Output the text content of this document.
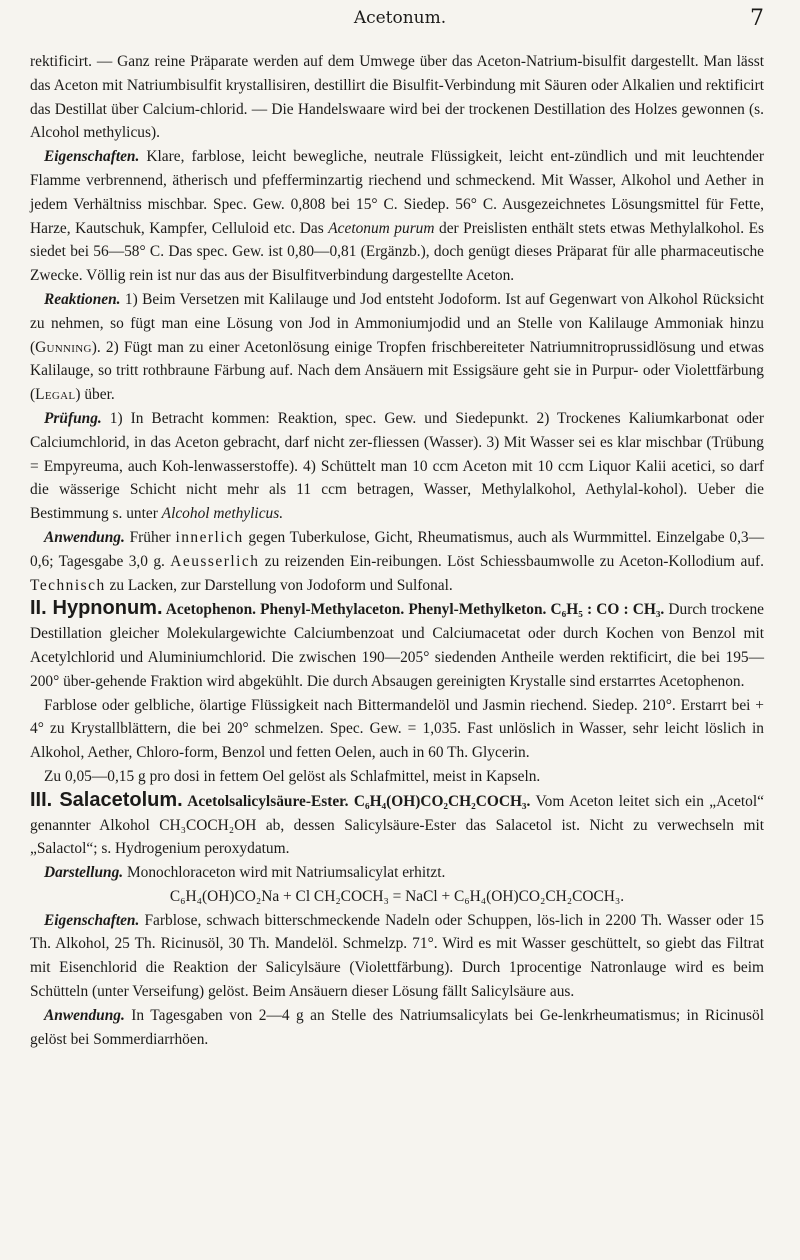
Acetonum.	7

rektificirt. — Ganz reine Präparate werden auf dem Umwege über das Aceton-Natrium-bisulfit dargestellt. Man lässt das Aceton mit Natriumbisulfit krystallisiren, destillirt die Bisulfit-Verbindung mit Säuren oder Alkalien und rektificirt das Destillat über Calcium-chlorid. — Die Handelswaare wird bei der trockenen Destillation des Holzes gewonnen (s. Alcohol methylicus).

Eigenschaften. Klare, farblose, leicht bewegliche, neutrale Flüssigkeit, leicht ent-zündlich und mit leuchtender Flamme verbrennend, ätherisch und pfefferminzartig riechend und schmeckend. Mit Wasser, Alkohol und Aether in jedem Verhältniss mischbar. Spec. Gew. 0,808 bei 15° C. Siedep. 56° C. Ausgezeichnetes Lösungsmittel für Fette, Harze, Kautschuk, Kampfer, Celluloid etc. Das Acetonum purum der Preislisten enthält stets etwas Methylalkohol. Es siedet bei 56—58° C. Das spec. Gew. ist 0,80—0,81 (Ergänzb.), doch genügt dieses Präparat für alle pharmaceutische Zwecke. Völlig rein ist nur das aus der Bisulfitverbindung dargestellte Aceton.

Reaktionen. 1) Beim Versetzen mit Kalilauge und Jod entsteht Jodoform. Ist auf Gegenwart von Alkohol Rücksicht zu nehmen, so fügt man eine Lösung von Jod in Ammoniumjodid und an Stelle von Kalilauge Ammoniak hinzu (Gunning). 2) Fügt man zu einer Acetonlösung einige Tropfen frischbereiteter Natriumnitroprussidlösung und etwas Kalilauge, so tritt rothbraune Färbung auf. Nach dem Ansäuern mit Essigsäure geht sie in Purpur- oder Violettfärbung (Legal) über.

Prüfung. 1) In Betracht kommen: Reaktion, spec. Gew. und Siedepunkt. 2) Trockenes Kaliumkarbonat oder Calciumchlorid, in das Aceton gebracht, darf nicht zer-fliessen (Wasser). 3) Mit Wasser sei es klar mischbar (Trübung = Empyreuma, auch Koh-lenwasserstoffe). 4) Schüttelt man 10 ccm Aceton mit 10 ccm Liquor Kalii acetici, so darf die wässerige Schicht nicht mehr als 11 ccm betragen, Wasser, Methylalkohol, Aethylal-kohol). Ueber die Bestimmung s. unter Alcohol methylicus.

Anwendung. Früher innerlich gegen Tuberkulose, Gicht, Rheumatismus, auch als Wurmmittel. Einzelgabe 0,3—0,6; Tagesgabe 3,0 g. Aeusserlich zu reizenden Ein-reibungen. Löst Schiessbaumwolle zu Aceton-Kollodium auf. Technisch zu Lacken, zur Darstellung von Jodoform und Sulfonal.

II. Hypnonum. Acetophenon. Phenyl-Methylaceton. Phenyl-Methylketon. C₆H₅ : CO : CH₃. Durch trockene Destillation gleicher Molekulargewichte Calciumbenzoat und Calciumacetat oder durch Kochen von Benzol mit Acetylchlorid und Aluminiumchlorid. Die zwischen 190—205° siedenden Antheile werden rektificirt, die bei 195—200° über-gehende Fraktion wird abgekühlt. Die durch Absaugen gereinigten Krystalle sind erstarrtes Acetophenon.

Farblose oder gelbliche, ölartige Flüssigkeit nach Bittermandelöl und Jasmin riechend. Siedep. 210°. Erstarrt bei + 4° zu Krystallblättern, die bei 20° schmelzen. Spec. Gew. = 1,035. Fast unlöslich in Wasser, sehr leicht löslich in Alkohol, Aether, Chloro-form, Benzol und fetten Oelen, auch in 60 Th. Glycerin.

Zu 0,05—0,15 g pro dosi in fettem Oel gelöst als Schlafmittel, meist in Kapseln.

III. Salacetolum. Acetolsalicylsäure-Ester. C₆H₄(OH)CO₂CH₂COCH₃. Vom Aceton leitet sich ein „Acetol“ genannter Alkohol CH₃COCH₂OH ab, dessen Salicylsäure-Ester das Salacetol ist. Nicht zu verwechseln mit „Salactol“; s. Hydrogenium peroxydatum.

Darstellung. Monochloraceton wird mit Natriumsalicylat erhitzt.

C₆H₄(OH)CO₂Na + Cl CH₂COCH₃ = NaCl + C₆H₄(OH)CO₂CH₂COCH₃.

Eigenschaften. Farblose, schwach bitterschmeckende Nadeln oder Schuppen, lös-lich in 2200 Th. Wasser oder 15 Th. Alkohol, 25 Th. Ricinusöl, 30 Th. Mandelöl. Schmelzp. 71°. Wird es mit Wasser geschüttelt, so giebt das Filtrat mit Eisenchlorid die Reaktion der Salicylsäure (Violettfärbung). Durch 1procentige Natronlauge wird es beim Schütteln (unter Verseifung) gelöst. Beim Ansäuern dieser Lösung fällt Salicylsäure aus.

Anwendung. In Tagesgaben von 2—4 g an Stelle des Natriumsalicylats bei Ge-lenkrheumatismus; in Ricinusöl gelöst bei Sommerdiarrhöen.
